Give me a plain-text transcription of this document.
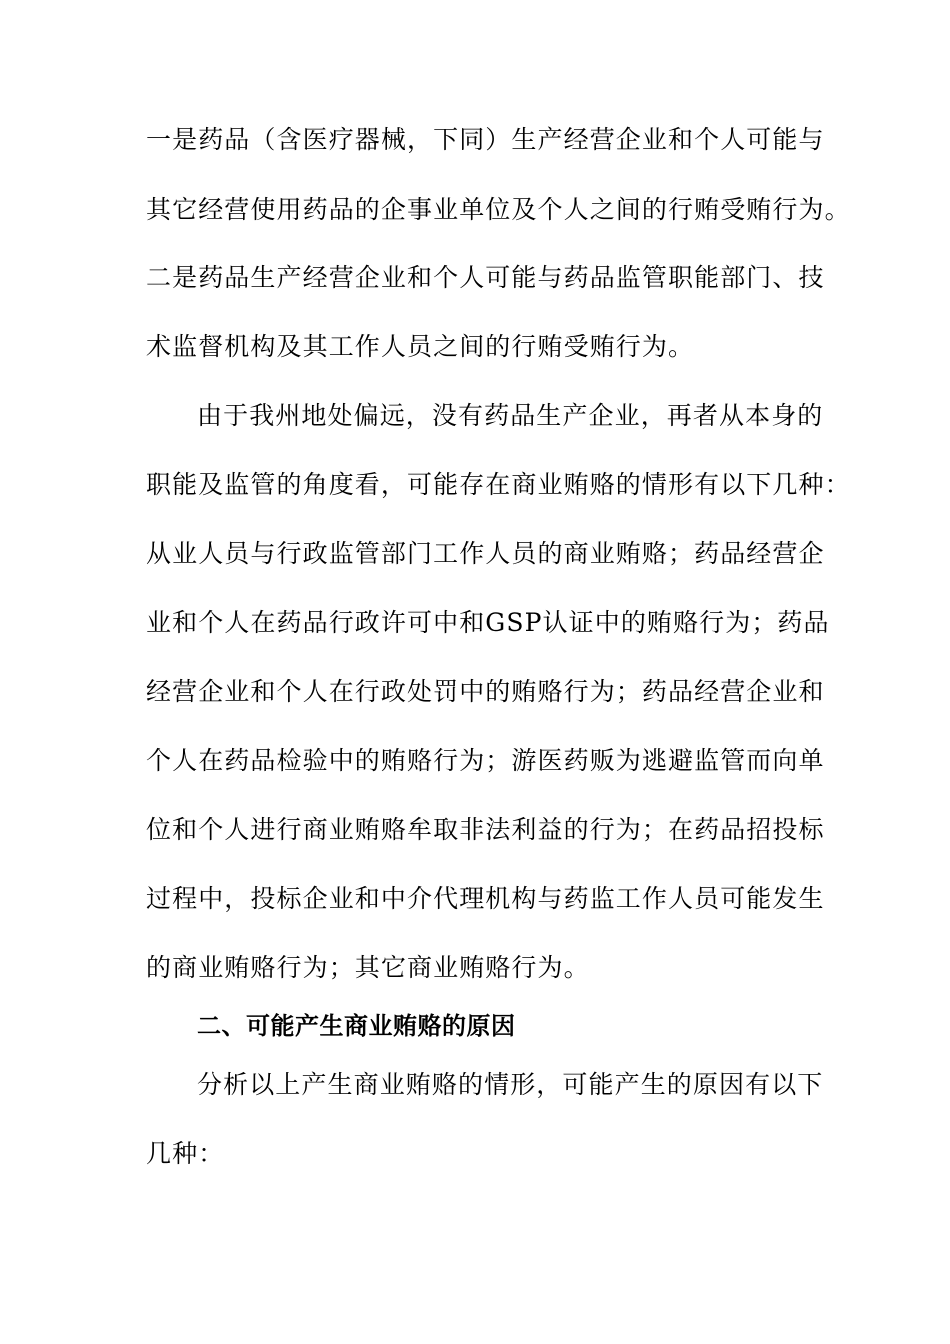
一是药品（含医疗器械，下同）生产经营企业和个人可能与
其它经营使用药品的企事业单位及个人之间的行贿受贿行为。
二是药品生产经营企业和个人可能与药品监管职能部门、技
术监督机构及其工作人员之间的行贿受贿行为。
由于我州地处偏远，没有药品生产企业，再者从本身的
职能及监管的角度看，可能存在商业贿赂的情形有以下几种：
从业人员与行政监管部门工作人员的商业贿赂；药品经营企
业和个人在药品行政许可中和GSP认证中的贿赂行为；药品
经营企业和个人在行政处罚中的贿赂行为；药品经营企业和
个人在药品检验中的贿赂行为；游医药贩为逃避监管而向单
位和个人进行商业贿赂牟取非法利益的行为；在药品招投标
过程中，投标企业和中介代理机构与药监工作人员可能发生
的商业贿赂行为；其它商业贿赂行为。
二、可能产生商业贿赂的原因
分析以上产生商业贿赂的情形，可能产生的原因有以下
几种：
